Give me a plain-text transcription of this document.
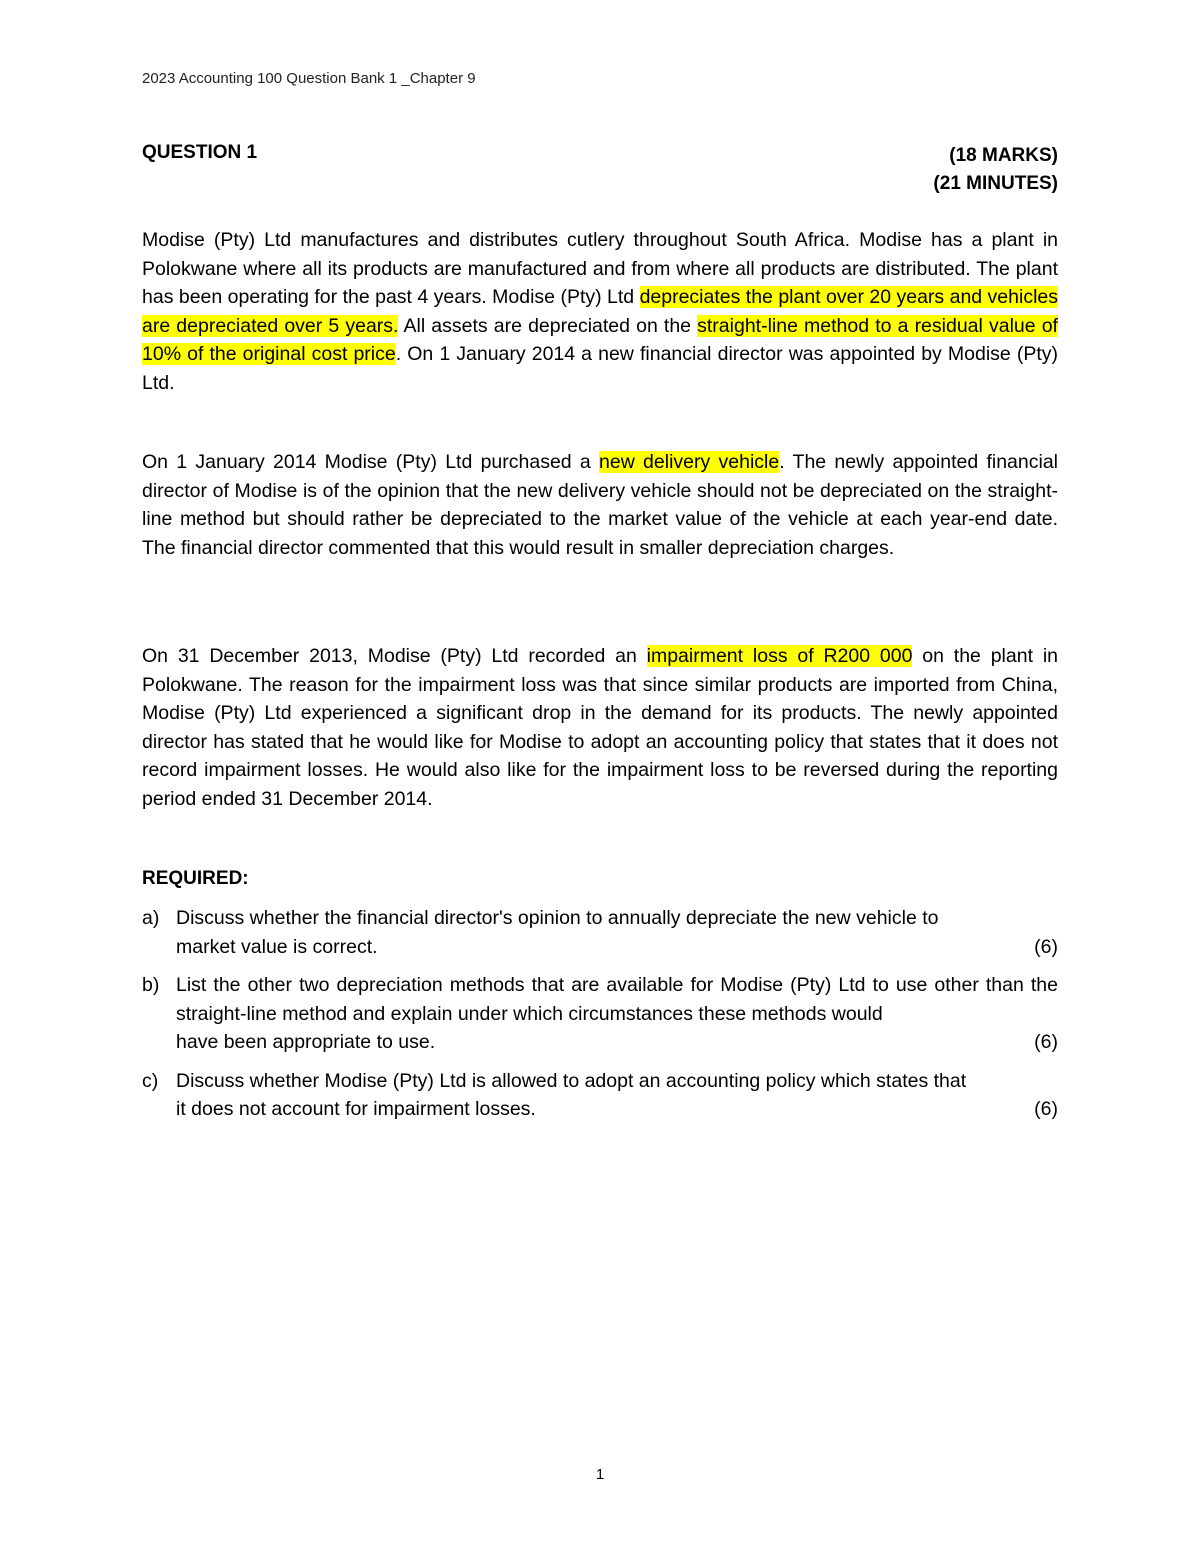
2023 Accounting 100 Question Bank 1 _Chapter 9
QUESTION 1	(18 MARKS)
(21 MINUTES)
Modise (Pty) Ltd manufactures and distributes cutlery throughout South Africa. Modise has a plant in Polokwane where all its products are manufactured and from where all products are distributed. The plant has been operating for the past 4 years. Modise (Pty) Ltd depreciates the plant over 20 years and vehicles are depreciated over 5 years. All assets are depreciated on the straight-line method to a residual value of 10% of the original cost price. On 1 January 2014 a new financial director was appointed by Modise (Pty) Ltd.
On 1 January 2014 Modise (Pty) Ltd purchased a new delivery vehicle. The newly appointed financial director of Modise is of the opinion that the new delivery vehicle should not be depreciated on the straight-line method but should rather be depreciated to the market value of the vehicle at each year-end date. The financial director commented that this would result in smaller depreciation charges.
On 31 December 2013, Modise (Pty) Ltd recorded an impairment loss of R200 000 on the plant in Polokwane. The reason for the impairment loss was that since similar products are imported from China, Modise (Pty) Ltd experienced a significant drop in the demand for its products. The newly appointed director has stated that he would like for Modise to adopt an accounting policy that states that it does not record impairment losses. He would also like for the impairment loss to be reversed during the reporting period ended 31 December 2014.
REQUIRED:
a) Discuss whether the financial director's opinion to annually depreciate the new vehicle to
market value is correct.	(6)
b) List the other two depreciation methods that are available for Modise (Pty) Ltd to use other than the straight-line method and explain under which circumstances these methods would
have been appropriate to use.	(6)
c) Discuss whether Modise (Pty) Ltd is allowed to adopt an accounting policy which states that
it does not account for impairment losses.	(6)
1
